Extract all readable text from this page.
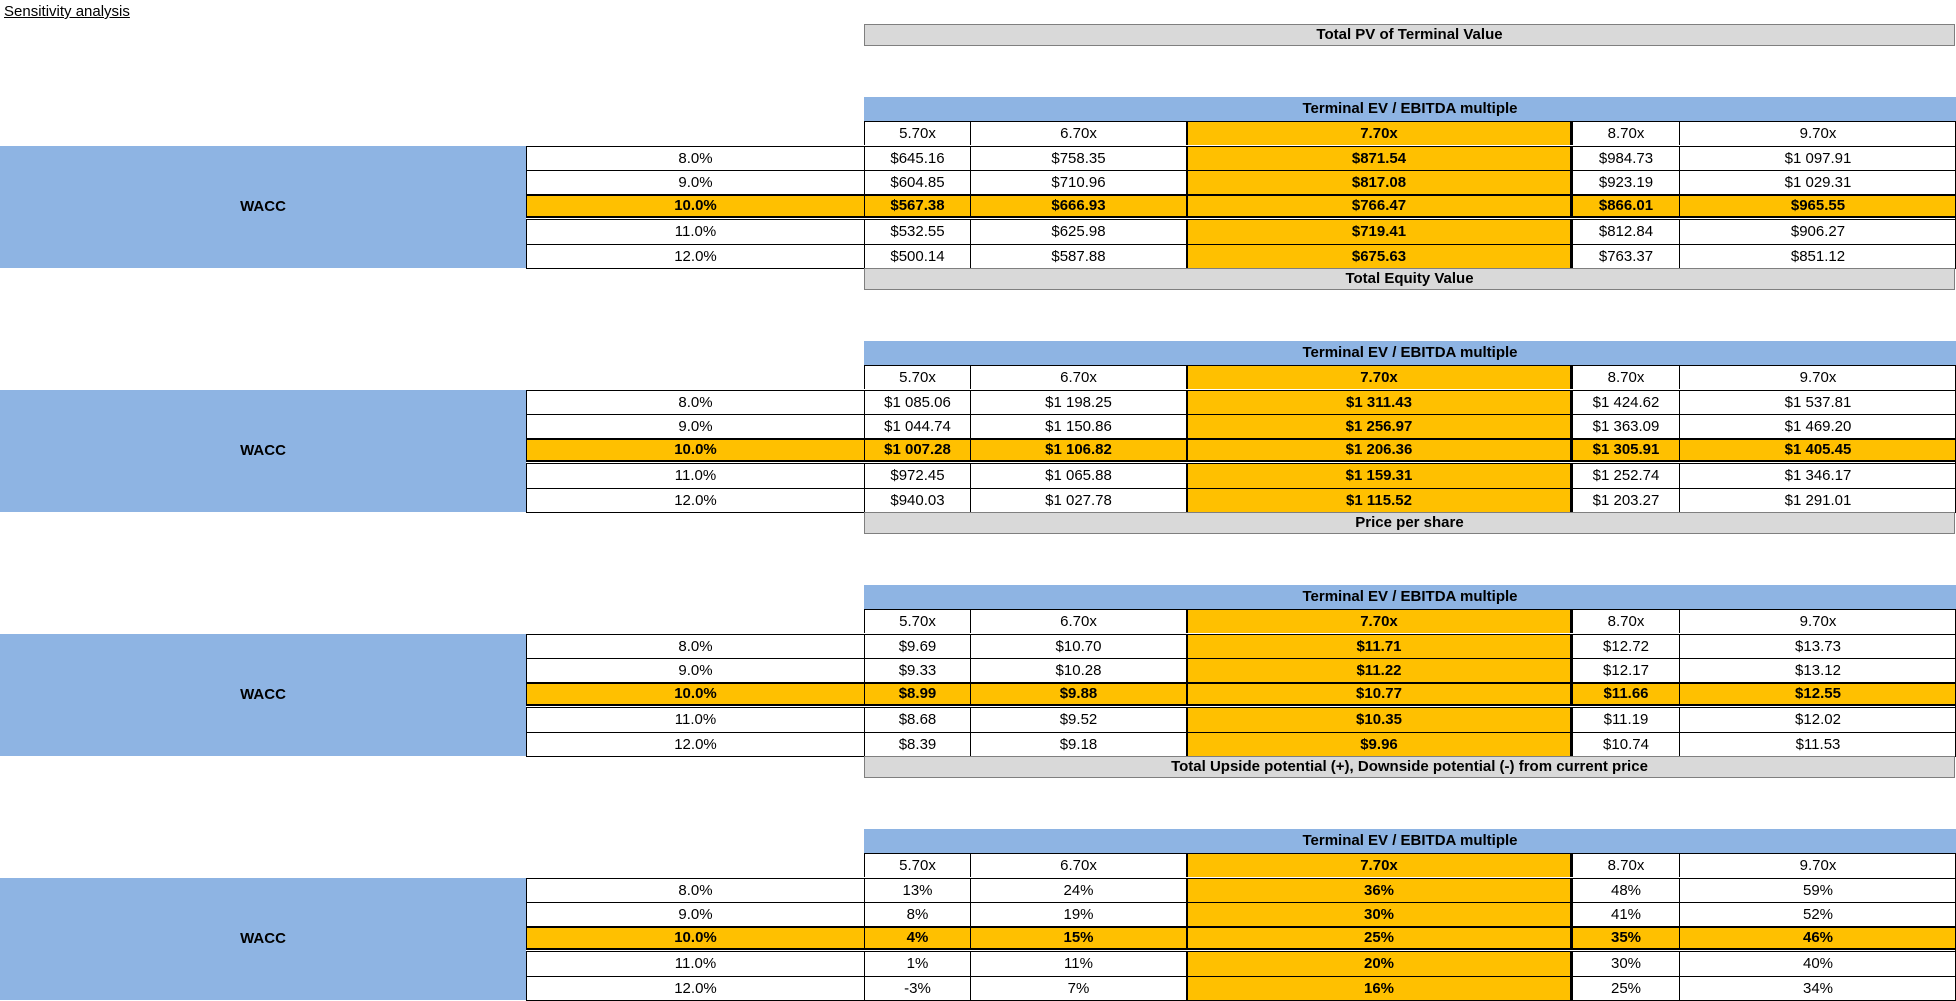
Sensitivity analysis
Total PV of Terminal Value
Terminal EV / EBITDA multiple
WACC
5.70x	6.70x	7.70x	8.70x	9.70x
8.0%	$645.16	$758.35	$871.54	$984.73	$1 097.91
9.0%	$604.85	$710.96	$817.08	$923.19	$1 029.31
10.0%	$567.38	$666.93	$766.47	$866.01	$965.55
11.0%	$532.55	$625.98	$719.41	$812.84	$906.27
12.0%	$500.14	$587.88	$675.63	$763.37	$851.12
Total Equity Value
Terminal EV / EBITDA multiple
WACC
5.70x	6.70x	7.70x	8.70x	9.70x
8.0%	$1 085.06	$1 198.25	$1 311.43	$1 424.62	$1 537.81
9.0%	$1 044.74	$1 150.86	$1 256.97	$1 363.09	$1 469.20
10.0%	$1 007.28	$1 106.82	$1 206.36	$1 305.91	$1 405.45
11.0%	$972.45	$1 065.88	$1 159.31	$1 252.74	$1 346.17
12.0%	$940.03	$1 027.78	$1 115.52	$1 203.27	$1 291.01
Price per share
Terminal EV / EBITDA multiple
WACC
5.70x	6.70x	7.70x	8.70x	9.70x
8.0%	$9.69	$10.70	$11.71	$12.72	$13.73
9.0%	$9.33	$10.28	$11.22	$12.17	$13.12
10.0%	$8.99	$9.88	$10.77	$11.66	$12.55
11.0%	$8.68	$9.52	$10.35	$11.19	$12.02
12.0%	$8.39	$9.18	$9.96	$10.74	$11.53
Total Upside potential (+), Downside potential (-) from current price
Terminal EV / EBITDA multiple
WACC
5.70x	6.70x	7.70x	8.70x	9.70x
8.0%	13%	24%	36%	48%	59%
9.0%	8%	19%	30%	41%	52%
10.0%	4%	15%	25%	35%	46%
11.0%	1%	11%	20%	30%	40%
12.0%	-3%	7%	16%	25%	34%
